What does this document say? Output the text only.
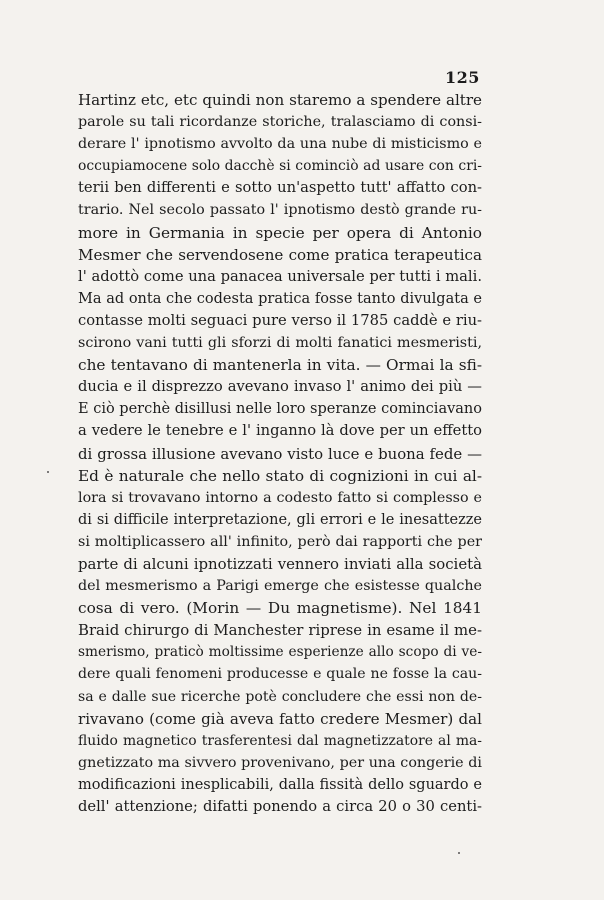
125
Hartinz etc, etc quindi non staremo a spendere altre
parole su tali ricordanze storiche, tralasciamo di consi-
derare l' ipnotismo avvolto da una nube di misticismo e
occupiamocene solo dacchè si cominciò ad usare con cri-
terii ben differenti e sotto un'aspetto tutt' affatto con-
trario. Nel secolo passato l' ipnotismo destò grande ru-
more in Germania in specie per opera di Antonio
Mesmer che servendosene come pratica terapeutica
l' adottò come una panacea universale per tutti i mali.
Ma ad onta che codesta pratica fosse tanto divulgata e
contasse molti seguaci pure verso il 1785 caddè e riu-
scirono vani tutti gli sforzi di molti fanatici mesmeristi,
che tentavano di mantenerla in vita. — Ormai la sfi-
ducia e il disprezzo avevano invaso l' animo dei più —
E ciò perchè disillusi nelle loro speranze cominciavano
a vedere le tenebre e l' inganno là dove per un effetto
di grossa illusione avevano visto luce e buona fede —
Ed è naturale che nello stato di cognizioni in cui al-
lora si trovavano intorno a codesto fatto si complesso e
di si difficile interpretazione, gli errori e le inesattezze
si moltiplicassero all' infinito, però dai rapporti che per
parte di alcuni ipnotizzati vennero inviati alla società
del mesmerismo a Parigi emerge che esistesse qualche
cosa di vero. (Morin — Du magnetisme). Nel 1841
Braid chirurgo di Manchester riprese in esame il me-
smerismo, praticò moltissime esperienze allo scopo di ve-
dere quali fenomeni producesse e quale ne fosse la cau-
sa e dalle sue ricerche potè concludere che essi non de-
rivavano (come già aveva fatto credere Mesmer) dal
fluido magnetico trasferentesi dal magnetizzatore al ma-
gnetizzato ma sivvero provenivano, per una congerie di
modificazioni inesplicabili, dalla fissità dello sguardo e
dell' attenzione; difatti ponendo a circa 20 o 30 centi-
